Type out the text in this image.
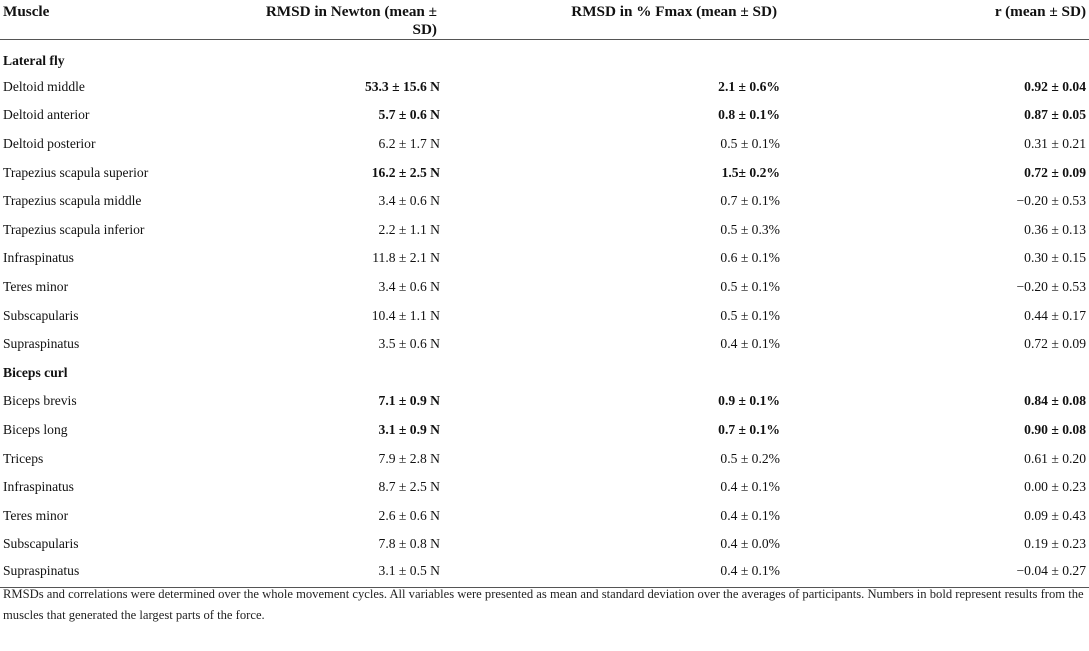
Muscle	RMSD in Newton (mean ± SD)	RMSD in % Fmax (mean ± SD)	r (mean ± SD)
Lateral fly			
Deltoid middle	53.3 ± 15.6 N	2.1 ± 0.6%	0.92 ± 0.04
Deltoid anterior	5.7 ± 0.6 N	0.8 ± 0.1%	0.87 ± 0.05
Deltoid posterior	6.2 ± 1.7 N	0.5 ± 0.1%	0.31 ± 0.21
Trapezius scapula superior	16.2 ± 2.5 N	1.5± 0.2%	0.72 ± 0.09
Trapezius scapula middle	3.4 ± 0.6 N	0.7 ± 0.1%	−0.20 ± 0.53
Trapezius scapula inferior	2.2 ± 1.1 N	0.5 ± 0.3%	0.36 ± 0.13
Infraspinatus	11.8 ± 2.1 N	0.6 ± 0.1%	0.30 ± 0.15
Teres minor	3.4 ± 0.6 N	0.5 ± 0.1%	−0.20 ± 0.53
Subscapularis	10.4 ± 1.1 N	0.5 ± 0.1%	0.44 ± 0.17
Supraspinatus	3.5 ± 0.6 N	0.4 ± 0.1%	0.72 ± 0.09
Biceps curl			
Biceps brevis	7.1 ± 0.9 N	0.9 ± 0.1%	0.84 ± 0.08
Biceps long	3.1 ± 0.9 N	0.7 ± 0.1%	0.90 ± 0.08
Triceps	7.9 ± 2.8 N	0.5 ± 0.2%	0.61 ± 0.20
Infraspinatus	8.7 ± 2.5 N	0.4 ± 0.1%	0.00 ± 0.23
Teres minor	2.6 ± 0.6 N	0.4 ± 0.1%	0.09 ± 0.43
Subscapularis	7.8 ± 0.8 N	0.4 ± 0.0%	0.19 ± 0.23
Supraspinatus	3.1 ± 0.5 N	0.4 ± 0.1%	−0.04 ± 0.27
RMSDs and correlations were determined over the whole movement cycles. All variables were presented as mean and standard deviation over the averages of participants. Numbers in bold represent results from the muscles that generated the largest parts of the force.
